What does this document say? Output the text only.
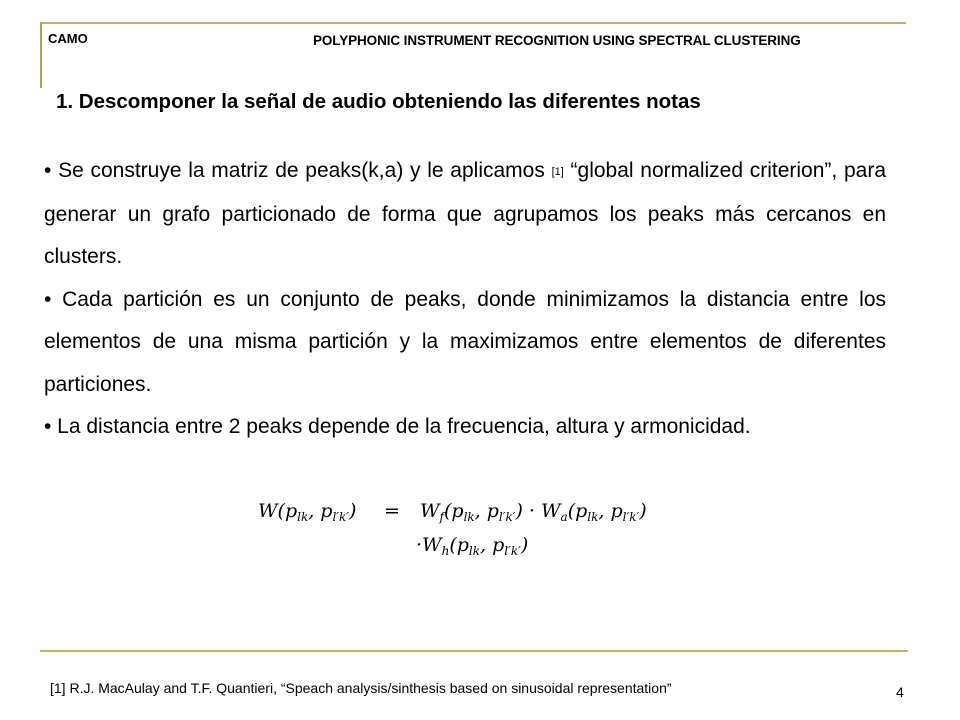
CAMO	POLYPHONIC INSTRUMENT RECOGNITION USING SPECTRAL CLUSTERING
1. Descomponer la señal de audio obteniendo las diferentes notas

• Se construye la matriz de peaks(k,a) y le aplicamos [1] “global normalized criterion”, para generar un grafo particionado de forma que agrupamos los peaks más cercanos en clusters.

• Cada partición es un conjunto de peaks, donde minimizamos la distancia entre los elementos de una misma partición y la maximizamos entre elementos de diferentes particiones.

• La distancia entre 2 peaks depende de la frecuencia, altura y armonicidad.

$W(p_{lk}$, $p_{l'k'}) = W_f(p_{lk}$, $p_{l'k'}) \cdot W_a(p_{lk}$, $p_{l'k'}$)
$\cdot W_h(p_{lk}$, $p_{l'k'}$)
[1] R.J. MacAulay and T.F. Quantieri, “Speach analysis/sinthesis based on sinusoidal representation”	4
